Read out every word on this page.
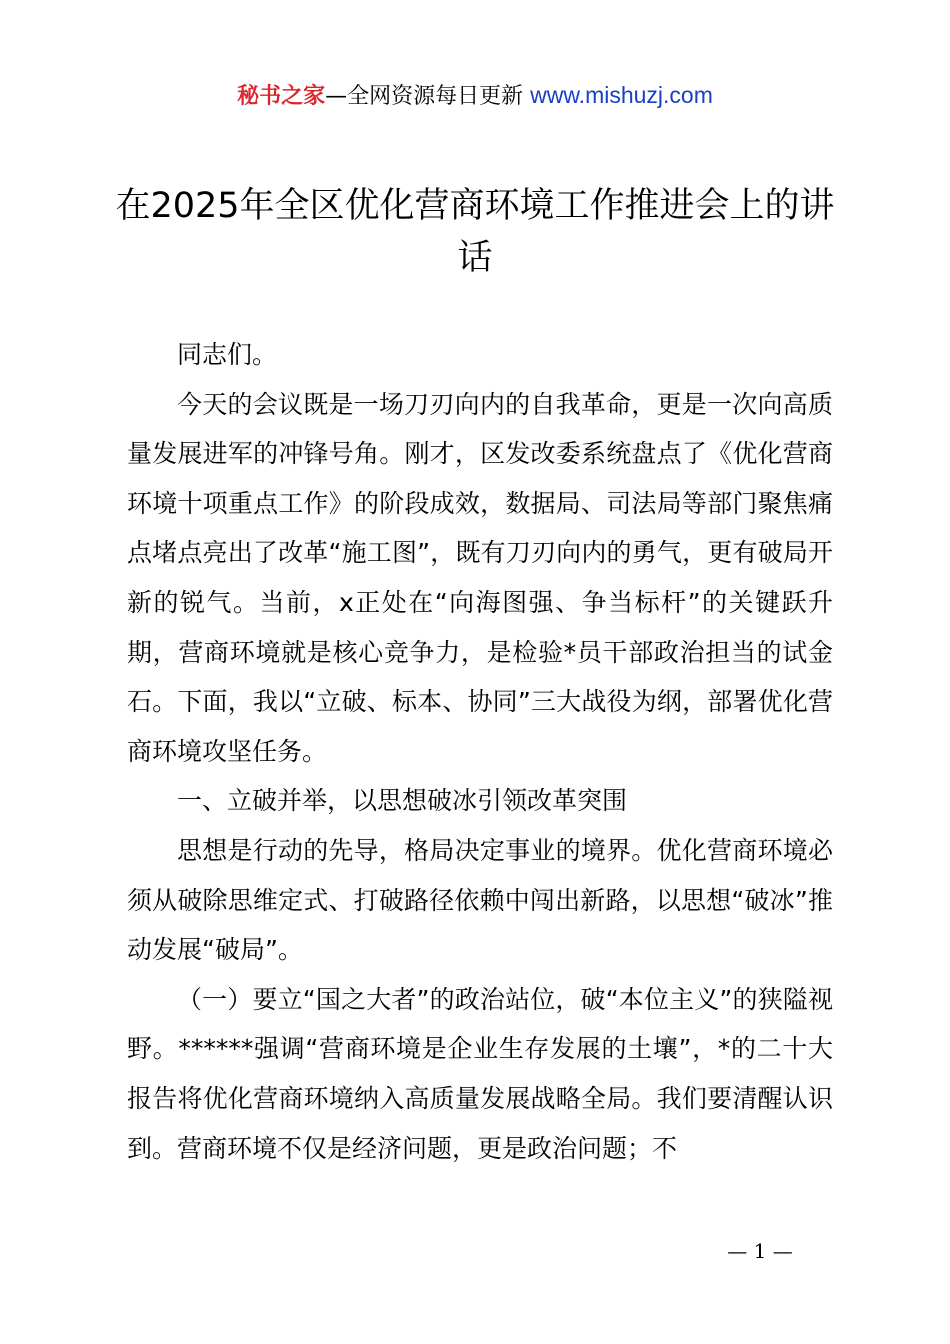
秘书之家—全网资源每日更新 www.mishuzj.com
在2025年全区优化营商环境工作推进会上的讲话

同志们。

今天的会议既是一场刀刃向内的自我革命，更是一次向高质量发展进军的冲锋号角。刚才，区发改委系统盘点了《优化营商环境十项重点工作》的阶段成效，数据局、司法局等部门聚焦痛点堵点亮出了改革“施工图”，既有刀刃向内的勇气，更有破局开新的锐气。当前，x正处在“向海图强、争当标杆”的关键跃升期，营商环境就是核心竞争力，是检验*员干部政治担当的试金石。下面，我以“立破、标本、协同”三大战役为纲，部署优化营商环境攻坚任务。

一、立破并举，以思想破冰引领改革突围

思想是行动的先导，格局决定事业的境界。优化营商环境必须从破除思维定式、打破路径依赖中闯出新路，以思想“破冰”推动发展“破局”。

（一）要立“国之大者”的政治站位，破“本位主义”的狭隘视野。******强调“营商环境是企业生存发展的土壤”，*的二十大报告将优化营商环境纳入高质量发展战略全局。我们要清醒认识到。营商环境不仅是经济问题，更是政治问题；不

— 1 —
